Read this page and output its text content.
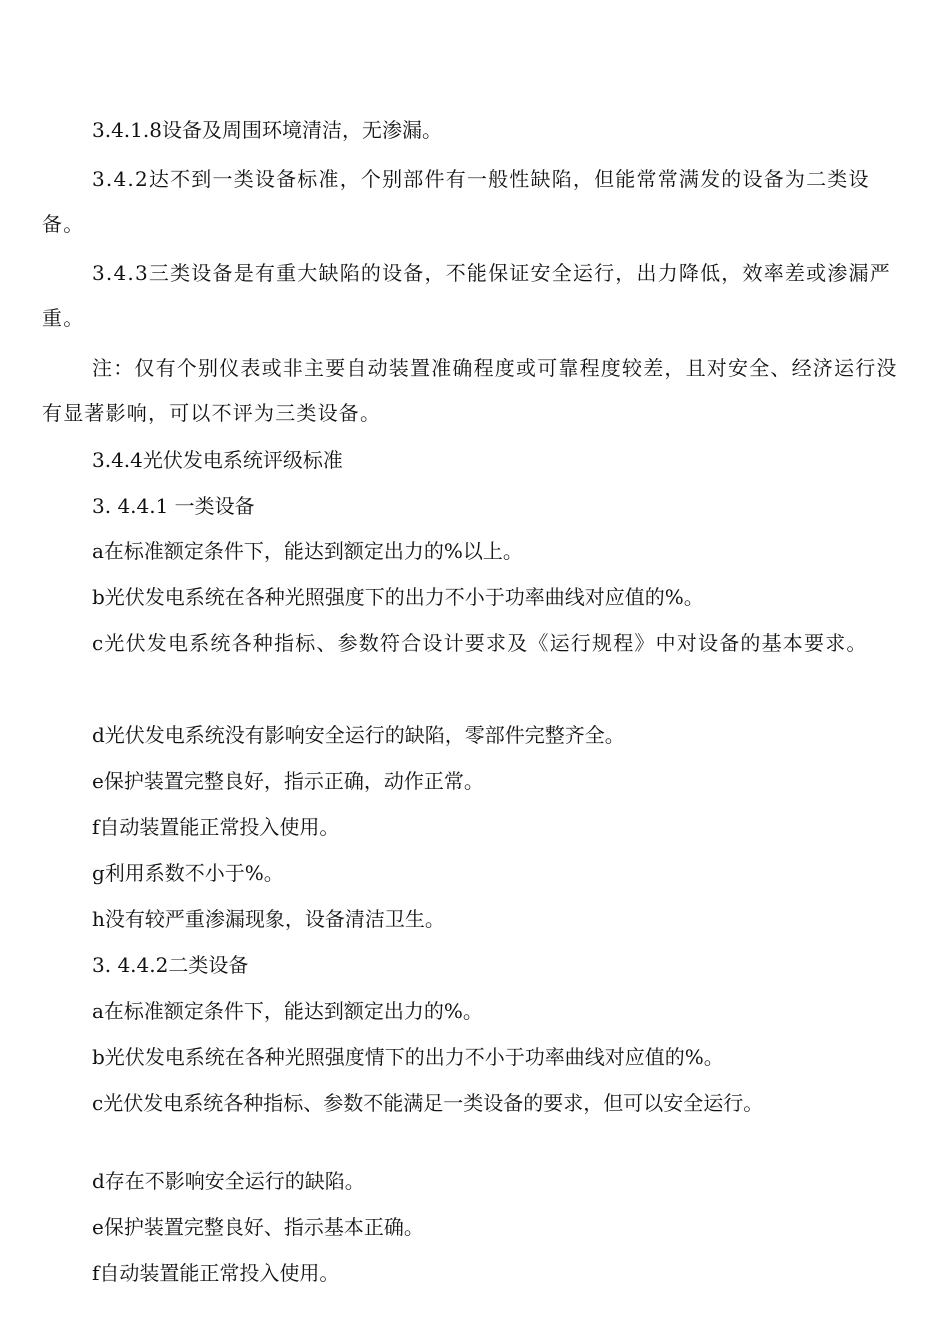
3.4.1.8设备及周围环境清洁，无渗漏。

3.4.2达不到一类设备标准，个别部件有一般性缺陷，但能常常满发的设备为二类设备。

3.4.3三类设备是有重大缺陷的设备，不能保证安全运行，出力降低，效率差或渗漏严重。

注：仅有个别仪表或非主要自动装置准确程度或可靠程度较差，且对安全、经济运行没有显著影响，可以不评为三类设备。

3.4.4光伏发电系统评级标准

3. 4.4.1 一类设备

a在标准额定条件下，能达到额定出力的%以上。

b光伏发电系统在各种光照强度下的出力不小于功率曲线对应值的%。

c光伏发电系统各种指标、参数符合设计要求及《运行规程》中对设备的基本要求。

d光伏发电系统没有影响安全运行的缺陷，零部件完整齐全。

e保护装置完整良好，指示正确，动作正常。

f自动装置能正常投入使用。

g利用系数不小于%。

h没有较严重渗漏现象，设备清洁卫生。

3. 4.4.2二类设备

a在标准额定条件下，能达到额定出力的%。

b光伏发电系统在各种光照强度情下的出力不小于功率曲线对应值的%。

c光伏发电系统各种指标、参数不能满足一类设备的要求，但可以安全运行。

d存在不影响安全运行的缺陷。

e保护装置完整良好、指示基本正确。

f自动装置能正常投入使用。
